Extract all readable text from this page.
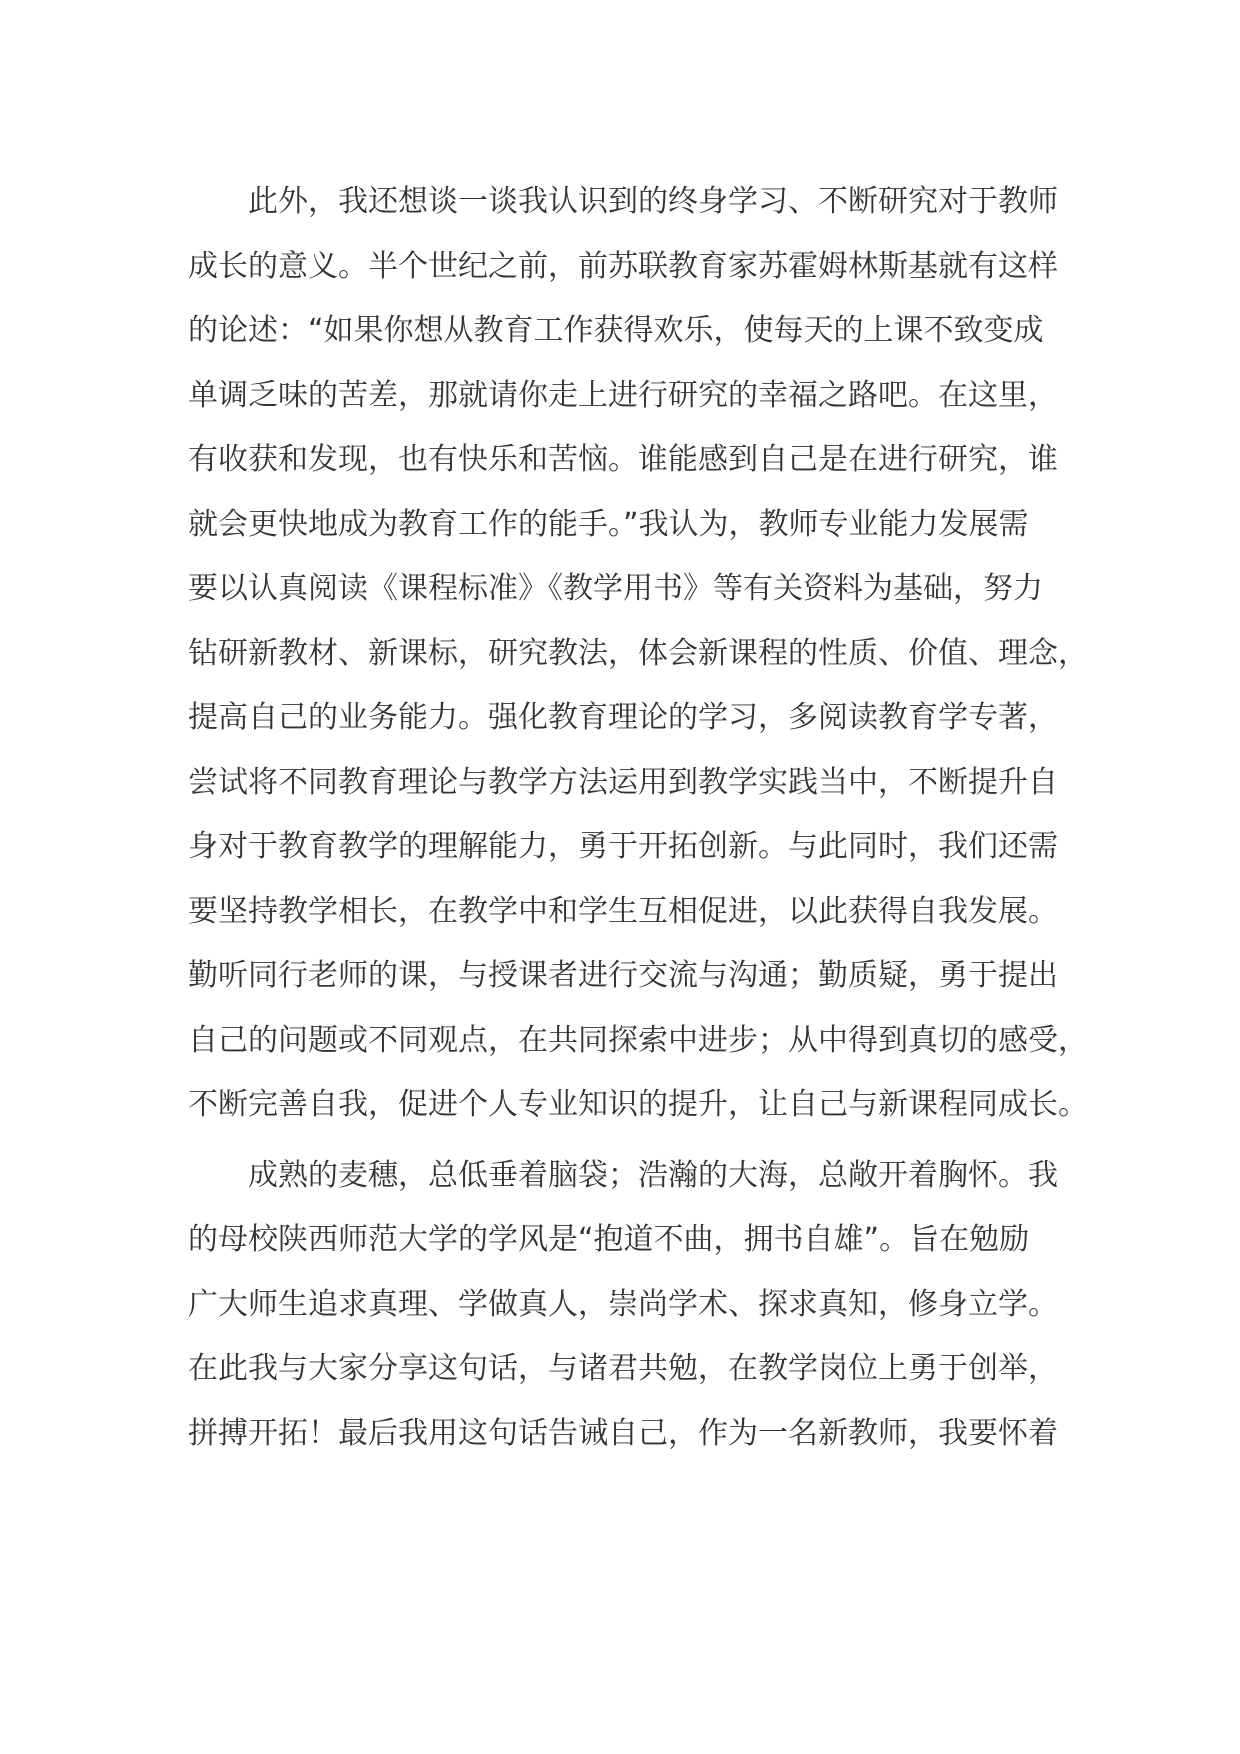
　　此外，我还想谈一谈我认识到的终身学习、不断研究对于教师
成长的意义。半个世纪之前，前苏联教育家苏霍姆林斯基就有这样
的论述：“如果你想从教育工作获得欢乐，使每天的上课不致变成
单调乏味的苦差，那就请你走上进行研究的幸福之路吧。在这里，
有收获和发现，也有快乐和苦恼。谁能感到自己是在进行研究，谁
就会更快地成为教育工作的能手。”我认为，教师专业能力发展需
要以认真阅读《课程标准》《教学用书》等有关资料为基础，努力
钻研新教材、新课标，研究教法，体会新课程的性质、价值、理念，
提高自己的业务能力。强化教育理论的学习，多阅读教育学专著，
尝试将不同教育理论与教学方法运用到教学实践当中，不断提升自
身对于教育教学的理解能力，勇于开拓创新。与此同时，我们还需
要坚持教学相长，在教学中和学生互相促进，以此获得自我发展。
勤听同行老师的课，与授课者进行交流与沟通；勤质疑，勇于提出
自己的问题或不同观点，在共同探索中进步；从中得到真切的感受，
不断完善自我，促进个人专业知识的提升，让自己与新课程同成长。
　　成熟的麦穗，总低垂着脑袋；浩瀚的大海，总敞开着胸怀。我
的母校陕西师范大学的学风是“抱道不曲，拥书自雄”。旨在勉励
广大师生追求真理、学做真人，崇尚学术、探求真知，修身立学。
在此我与大家分享这句话，与诸君共勉，在教学岗位上勇于创举，
拼搏开拓！最后我用这句话告诫自己，作为一名新教师，我要怀着
